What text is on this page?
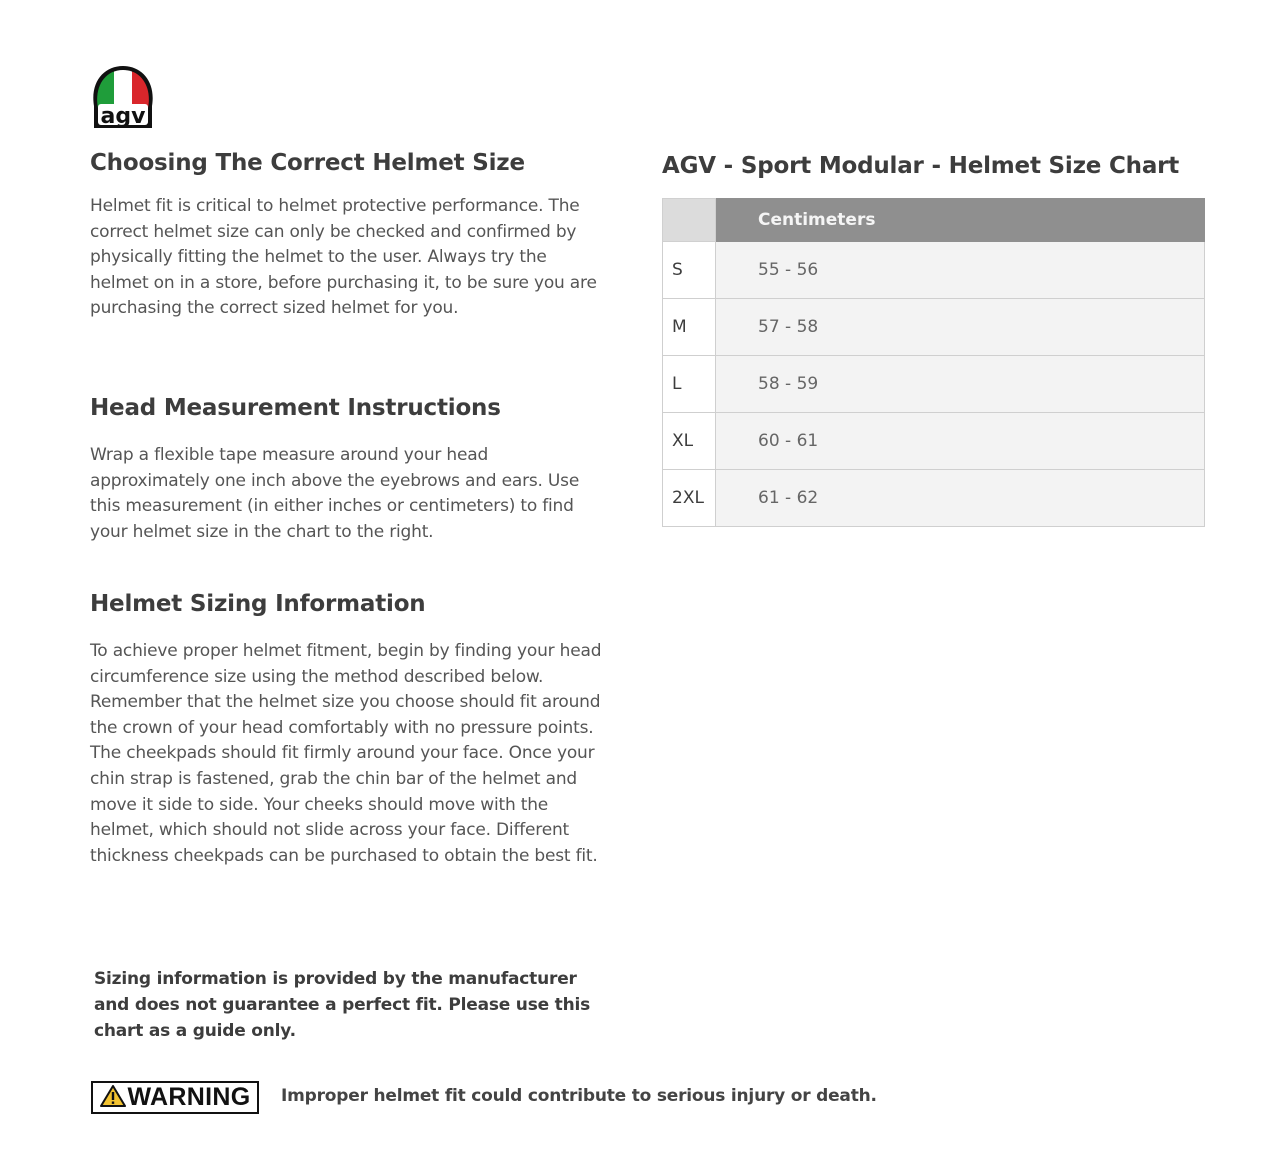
agv
Choosing The Correct Helmet Size

Helmet fit is critical to helmet protective performance. The correct helmet size can only be checked and confirmed by physically fitting the helmet to the user. Always try the helmet on in a store, before purchasing it, to be sure you are purchasing the correct sized helmet for you.

Head Measurement Instructions

Wrap a flexible tape measure around your head approximately one inch above the eyebrows and ears. Use this measurement (in either inches or centimeters) to find your helmet size in the chart to the right.

Helmet Sizing Information

To achieve proper helmet fitment, begin by finding your head circumference size using the method described below. Remember that the helmet size you choose should fit around the crown of your head comfortably with no pressure points. The cheekpads should fit firmly around your face. Once your chin strap is fastened, grab the chin bar of the helmet and move it side to side. Your cheeks should move with the helmet, which should not slide across your face. Different thickness cheekpads can be purchased to obtain the best fit.

Sizing information is provided by the manufacturer and does not guarantee a perfect fit. Please use this chart as a guide only.
WARNING Improper helmet fit could contribute to serious injury or death.
AGV - Sport Modular - Helmet Size Chart
	Centimeters
S	55 - 56
M	57 - 58
L	58 - 59
XL	60 - 61
2XL	61 - 62
